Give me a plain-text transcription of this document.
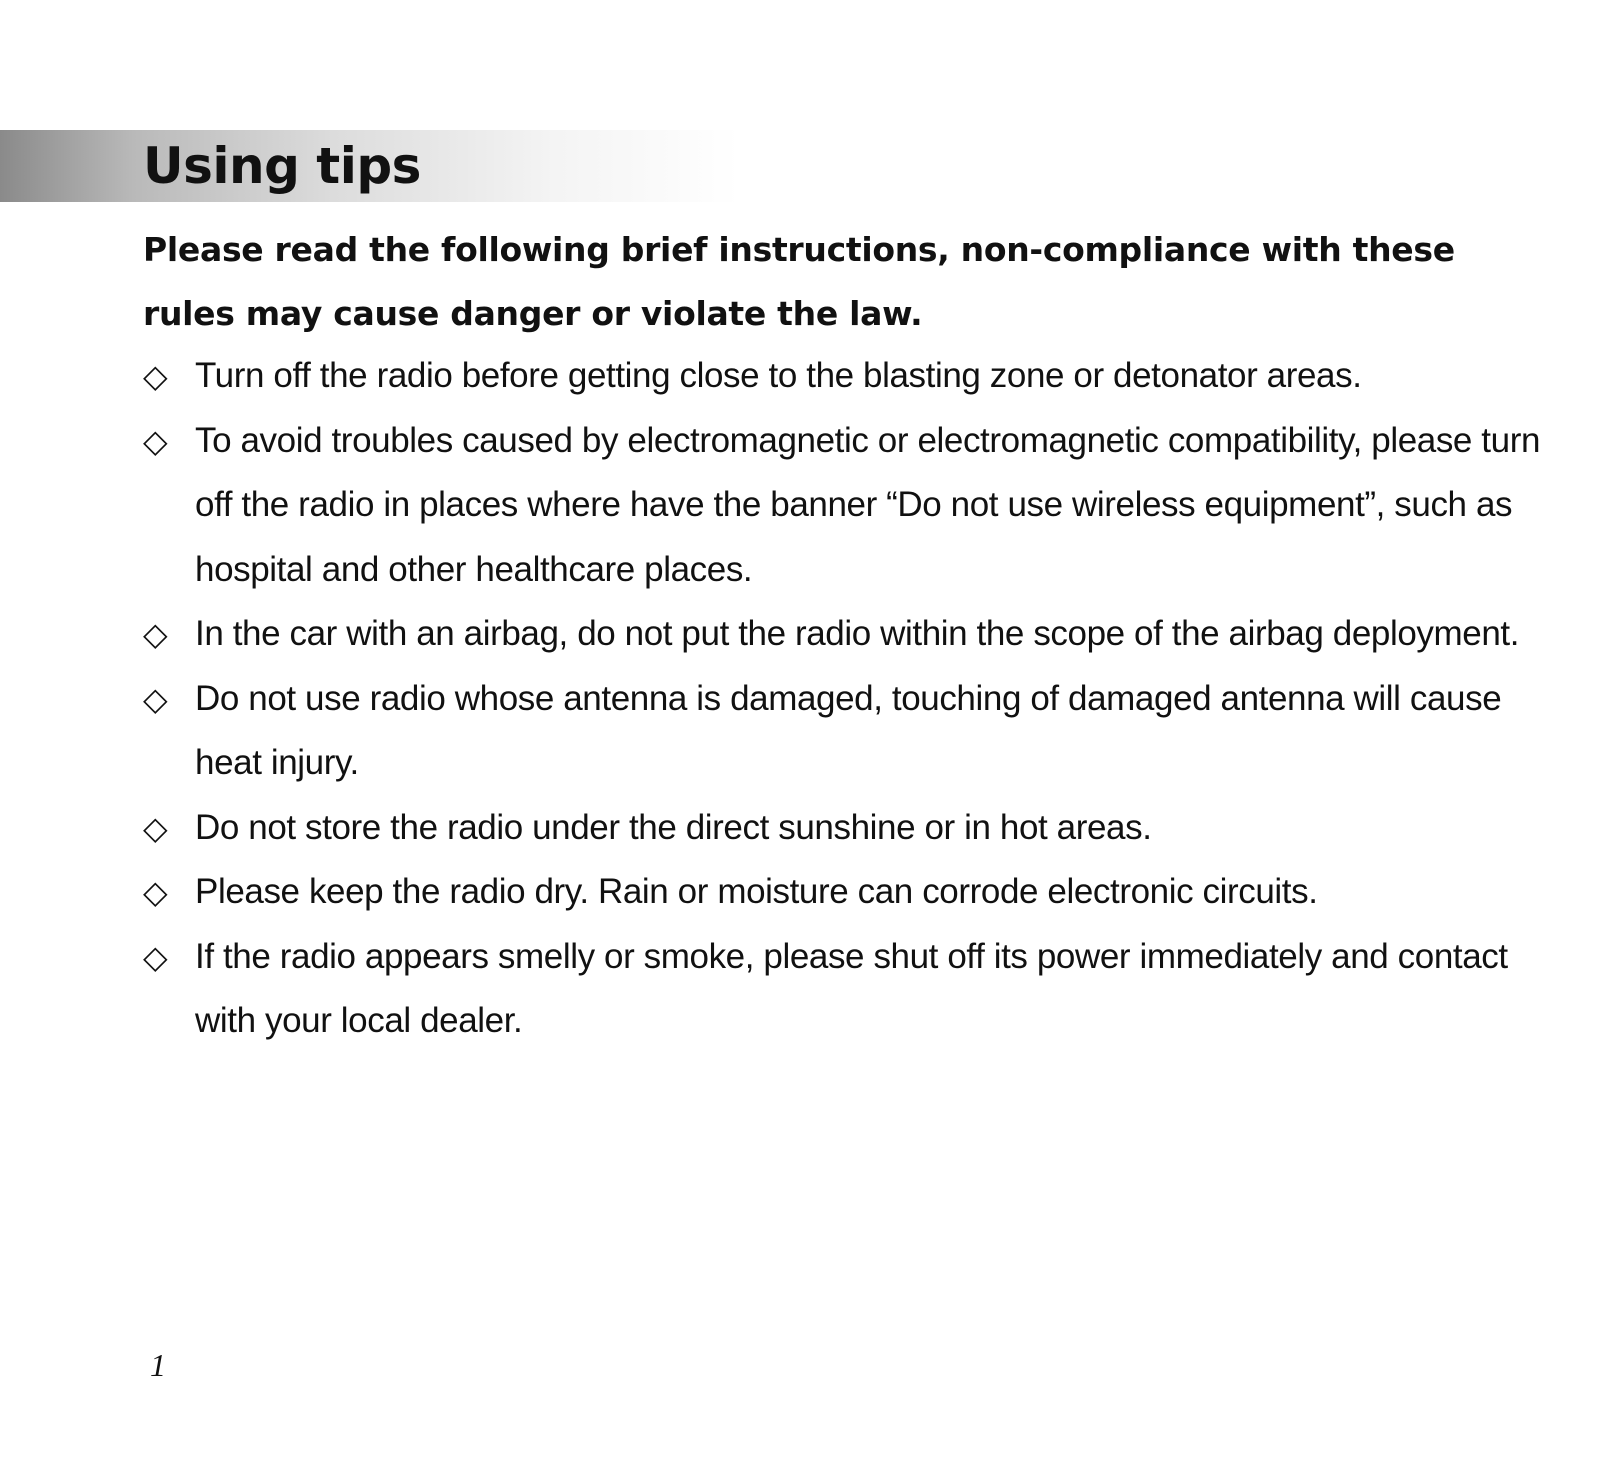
Using tips

Please read the following brief instructions, non-compliance with these rules may cause danger or violate the law.

◇ Turn off the radio before getting close to the blasting zone or detonator areas.
◇ To avoid troubles caused by electromagnetic or electromagnetic compatibility, please turn off the radio in places where have the banner “Do not use wireless equipment”, such as hospital and other healthcare places.
◇ In the car with an airbag, do not put the radio within the scope of the airbag deployment.
◇ Do not use radio whose antenna is damaged, touching of damaged antenna will cause heat injury.
◇ Do not store the radio under the direct sunshine or in hot areas.
◇ Please keep the radio dry. Rain or moisture can corrode electronic circuits.
◇ If the radio appears smelly or smoke, please shut off its power immediately and contact with your local dealer.
1
